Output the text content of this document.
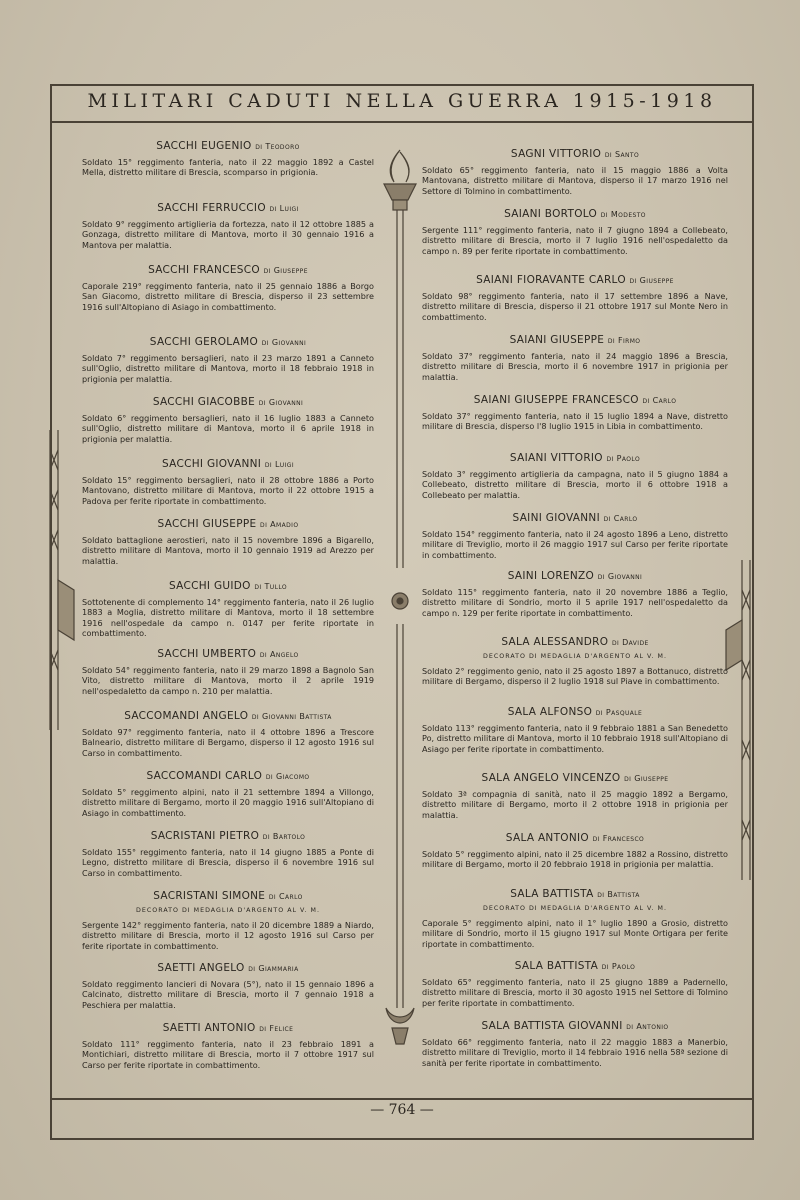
MILITARI CADUTI NELLA GUERRA 1915-1918
SACCHI EUGENIO di Teodoro
Soldato 15° reggimento fanteria, nato il 22 maggio 1892 a Castel Mella, distretto militare di Brescia, scomparso in prigionia.
SACCHI FERRUCCIO di Luigi
Soldato 9° reggimento artiglieria da fortezza, nato il 12 ottobre 1885 a Gonzaga, distretto militare di Mantova, morto il 30 gennaio 1916 a Mantova per malattia.
SACCHI FRANCESCO di Giuseppe
Caporale 219° reggimento fanteria, nato il 25 gennaio 1886 a Borgo San Giacomo, distretto militare di Brescia, disperso il 23 settembre 1916 sull'Altopiano di Asiago in combattimento.
SACCHI GEROLAMO di Giovanni
Soldato 7° reggimento bersaglieri, nato il 23 marzo 1891 a Canneto sull'Oglio, distretto militare di Mantova, morto il 18 febbraio 1918 in prigionia per malattia.
SACCHI GIACOBBE di Giovanni
Soldato 6° reggimento bersaglieri, nato il 16 luglio 1883 a Canneto sull'Oglio, distretto militare di Mantova, morto il 6 aprile 1918 in prigionia per malattia.
SACCHI GIOVANNI di Luigi
Soldato 15° reggimento bersaglieri, nato il 28 ottobre 1886 a Porto Mantovano, distretto militare di Mantova, morto il 22 ottobre 1915 a Padova per ferite riportate in combattimento.
SACCHI GIUSEPPE di Amadio
Soldato battaglione aerostieri, nato il 15 novembre 1896 a Bigarello, distretto militare di Mantova, morto il 10 gennaio 1919 ad Arezzo per malattia.
SACCHI GUIDO di Tullo
Sottotenente di complemento 14° reggimento fanteria, nato il 26 luglio 1883 a Moglia, distretto militare di Mantova, morto il 18 settembre 1916 nell'ospedale da campo n. 0147 per ferite riportate in combattimento.
SACCHI UMBERTO di Angelo
Soldato 54° reggimento fanteria, nato il 29 marzo 1898 a Bagnolo San Vito, distretto militare di Mantova, morto il 2 aprile 1919 nell'ospedaletto da campo n. 210 per malattia.
SACCOMANDI ANGELO di Giovanni Battista
Soldato 97° reggimento fanteria, nato il 4 ottobre 1896 a Trescore Balneario, distretto militare di Bergamo, disperso il 12 agosto 1916 sul Carso in combattimento.
SACCOMANDI CARLO di Giacomo
Soldato 5° reggimento alpini, nato il 21 settembre 1894 a Villongo, distretto militare di Bergamo, morto il 20 maggio 1916 sull'Altopiano di Asiago in combattimento.
SACRISTANI PIETRO di Bartolo
Soldato 155° reggimento fanteria, nato il 14 giugno 1885 a Ponte di Legno, distretto militare di Brescia, disperso il 6 novembre 1916 sul Carso in combattimento.
SACRISTANI SIMONE di Carlo
DECORATO DI MEDAGLIA D'ARGENTO AL V. M.
Sergente 142° reggimento fanteria, nato il 20 dicembre 1889 a Niardo, distretto militare di Brescia, morto il 12 agosto 1916 sul Carso per ferite riportate in combattimento.
SAETTI ANGELO di Giammaria
Soldato reggimento lancieri di Novara (5°), nato il 15 gennaio 1896 a Calcinato, distretto militare di Brescia, morto il 7 gennaio 1918 a Peschiera per malattia.
SAETTI ANTONIO di Felice
Soldato 111° reggimento fanteria, nato il 23 febbraio 1891 a Montichiari, distretto militare di Brescia, morto il 7 ottobre 1917 sul Carso per ferite riportate in combattimento.
SAGNI VITTORIO di Santo
Soldato 65° reggimento fanteria, nato il 15 maggio 1886 a Volta Mantovana, distretto militare di Mantova, disperso il 17 marzo 1916 nel Settore di Tolmino in combattimento.
SAIANI BORTOLO di Modesto
Sergente 111° reggimento fanteria, nato il 7 giugno 1894 a Collebeato, distretto militare di Brescia, morto il 7 luglio 1916 nell'ospedaletto da campo n. 89 per ferite riportate in combattimento.
SAIANI FIORAVANTE CARLO di Giuseppe
Soldato 98° reggimento fanteria, nato il 17 settembre 1896 a Nave, distretto militare di Brescia, disperso il 21 ottobre 1917 sul Monte Nero in combattimento.
SAIANI GIUSEPPE di Firmo
Soldato 37° reggimento fanteria, nato il 24 maggio 1896 a Brescia, distretto militare di Brescia, morto il 6 novembre 1917 in prigionia per malattia.
SAIANI GIUSEPPE FRANCESCO di Carlo
Soldato 37° reggimento fanteria, nato il 15 luglio 1894 a Nave, distretto militare di Brescia, disperso l'8 luglio 1915 in Libia in combattimento.
SAIANI VITTORIO di Paolo
Soldato 3° reggimento artiglieria da campagna, nato il 5 giugno 1884 a Collebeato, distretto militare di Brescia, morto il 6 ottobre 1918 a Collebeato per malattia.
SAINI GIOVANNI di Carlo
Soldato 154° reggimento fanteria, nato il 24 agosto 1896 a Leno, distretto militare di Treviglio, morto il 26 maggio 1917 sul Carso per ferite riportate in combattimento.
SAINI LORENZO di Giovanni
Soldato 115° reggimento fanteria, nato il 20 novembre 1886 a Teglio, distretto militare di Sondrio, morto il 5 aprile 1917 nell'ospedaletto da campo n. 129 per ferite riportate in combattimento.
SALA ALESSANDRO di Davide
DECORATO DI MEDAGLIA D'ARGENTO AL V. M.
Soldato 2° reggimento genio, nato il 25 agosto 1897 a Bottanuco, distretto militare di Bergamo, disperso il 2 luglio 1918 sul Piave in combattimento.
SALA ALFONSO di Pasquale
Soldato 113° reggimento fanteria, nato il 9 febbraio 1881 a San Benedetto Po, distretto militare di Mantova, morto il 10 febbraio 1918 sull'Altopiano di Asiago per ferite riportate in combattimento.
SALA ANGELO VINCENZO di Giuseppe
Soldato 3ª compagnia di sanità, nato il 25 maggio 1892 a Bergamo, distretto militare di Bergamo, morto il 2 ottobre 1918 in prigionia per malattia.
SALA ANTONIO di Francesco
Soldato 5° reggimento alpini, nato il 25 dicembre 1882 a Rossino, distretto militare di Bergamo, morto il 20 febbraio 1918 in prigionia per malattia.
SALA BATTISTA di Battista
DECORATO DI MEDAGLIA D'ARGENTO AL V. M.
Caporale 5° reggimento alpini, nato il 1° luglio 1890 a Grosio, distretto militare di Sondrio, morto il 15 giugno 1917 sul Monte Ortigara per ferite riportate in combattimento.
SALA BATTISTA di Paolo
Soldato 65° reggimento fanteria, nato il 25 giugno 1889 a Padernello, distretto militare di Brescia, morto il 30 agosto 1915 nel Settore di Tolmino per ferite riportate in combattimento.
SALA BATTISTA GIOVANNI di Antonio
Soldato 66° reggimento fanteria, nato il 22 maggio 1883 a Manerbio, distretto militare di Treviglio, morto il 14 febbraio 1916 nella 58ª sezione di sanità per ferite riportate in combattimento.
— 764 —
